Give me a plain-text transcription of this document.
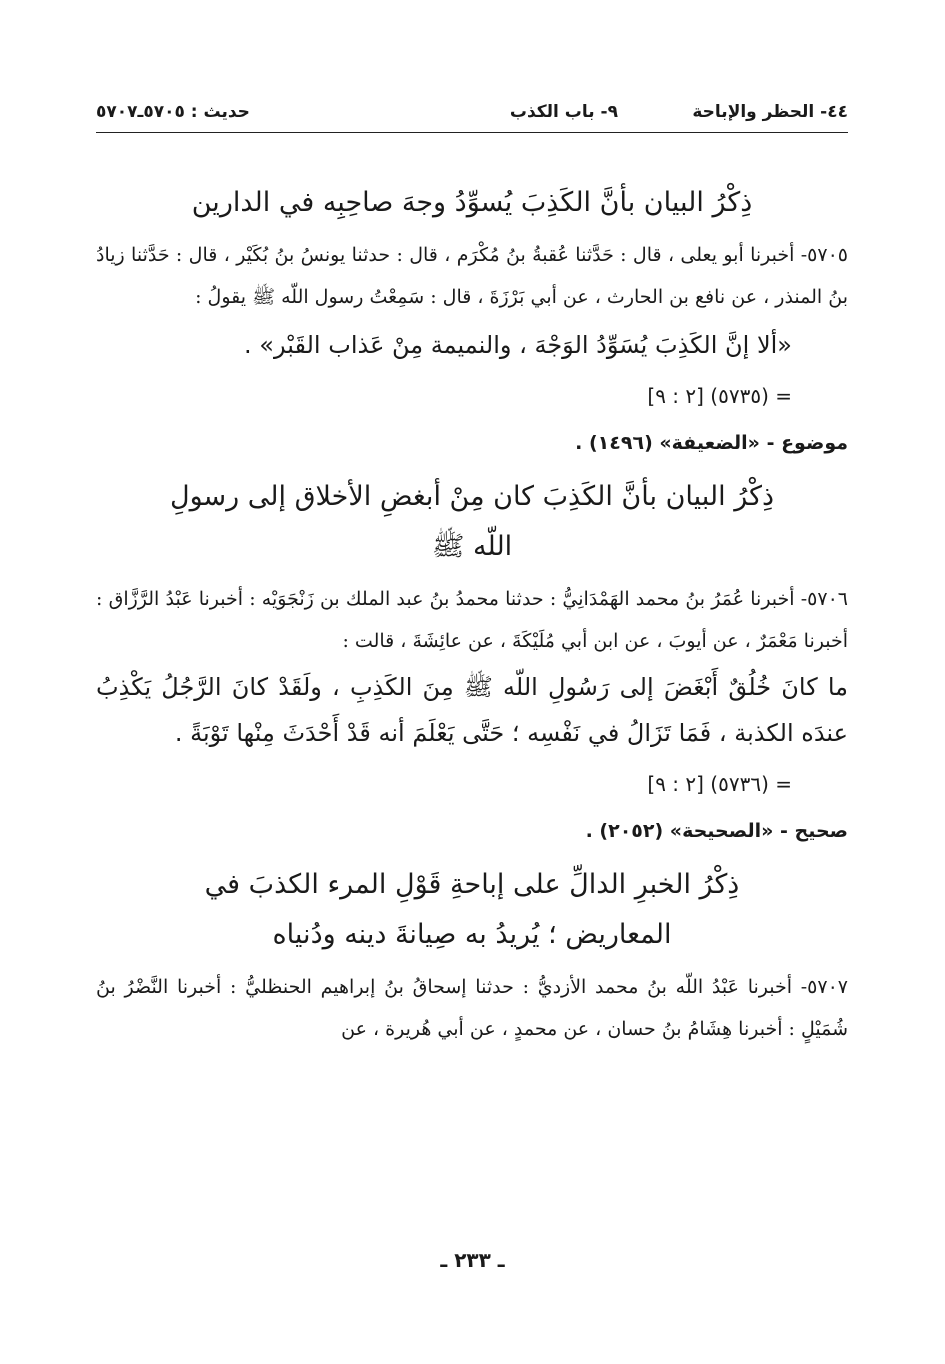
٤٤- الحظر والإباحة
٩- باب الكذب
حديث : ٥٧٠٥ـ٥٧٠٧
ذِكْرُ البيان بأنَّ الكَذِبَ يُسوِّدُ وجهَ صاحِبِه في الدارين

٥٧٠٥- أخبرنا أبو يعلى ، قال : حَدَّثنا عُقبةُ بنُ مُكْرَم ، قال : حدثنا يونسُ بنُ بُكَيْر ، قال : حَدَّثنا زيادُ بنُ المنذر ، عن نافع بن الحارث ، عن أبي بَرْزَةَ ، قال : سَمِعْتُ رسول اللّه ﷺ يقولُ :

«ألا إنَّ الكَذِبَ يُسَوِّدُ الوَجْهَ ، والنميمة مِنْ عَذاب القَبْر» .
= (٥٧٣٥) [٢ : ٩]
موضوع - «الضعيفة» (١٤٩٦) .
ذِكْرُ البيان بأنَّ الكَذِبَ كان مِنْ أبغضِ الأخلاق إلى رسولِ
اللّه ﷺ

٥٧٠٦- أخبرنا عُمَرُ بنُ محمد الهَمْدَانِيُّ : حدثنا محمدُ بنُ عبد الملك بن زَنْجَوَيْه : أخبرنا عَبْدُ الرَّزَّاق : أخبرنا مَعْمَرٌ ، عن أيوبَ ، عن ابن أبي مُلَيْكَةَ ، عن عائِشَةَ ، قالت :

ما كانَ خُلُقٌ أَبْغَضَ إلى رَسُولِ اللّه ﷺ مِنَ الكَذِبِ ، ولَقَدْ كانَ الرَّجُلُ يَكْذِبُ عندَه الكذبة ، فَمَا تَزَالُ في نَفْسِه ؛ حَتَّى يَعْلَمَ أنه قَدْ أَحْدَثَ مِنْها تَوْبَةً .

= (٥٧٣٦) [٢ : ٩]
صحيح - «الصحيحة» (٢٠٥٢) .
ذِكْرُ الخبرِ الدالِّ على إباحةِ قَوْلِ المرء الكذبَ في
المعاريض ؛ يُريدُ به صِيانةَ دينه ودُنياه

٥٧٠٧- أخبرنا عَبْدُ اللّه بنُ محمد الأزديُّ : حدثنا إسحاقُ بنُ إبراهيم الحنظليُّ : أخبرنا النَّضْرُ بنُ شُمَيْلٍ : أخبرنا هِشَامُ بنُ حسان ، عن محمدٍ ، عن أبي هُريرة ، عن

ـ ٢٣٣ ـ
